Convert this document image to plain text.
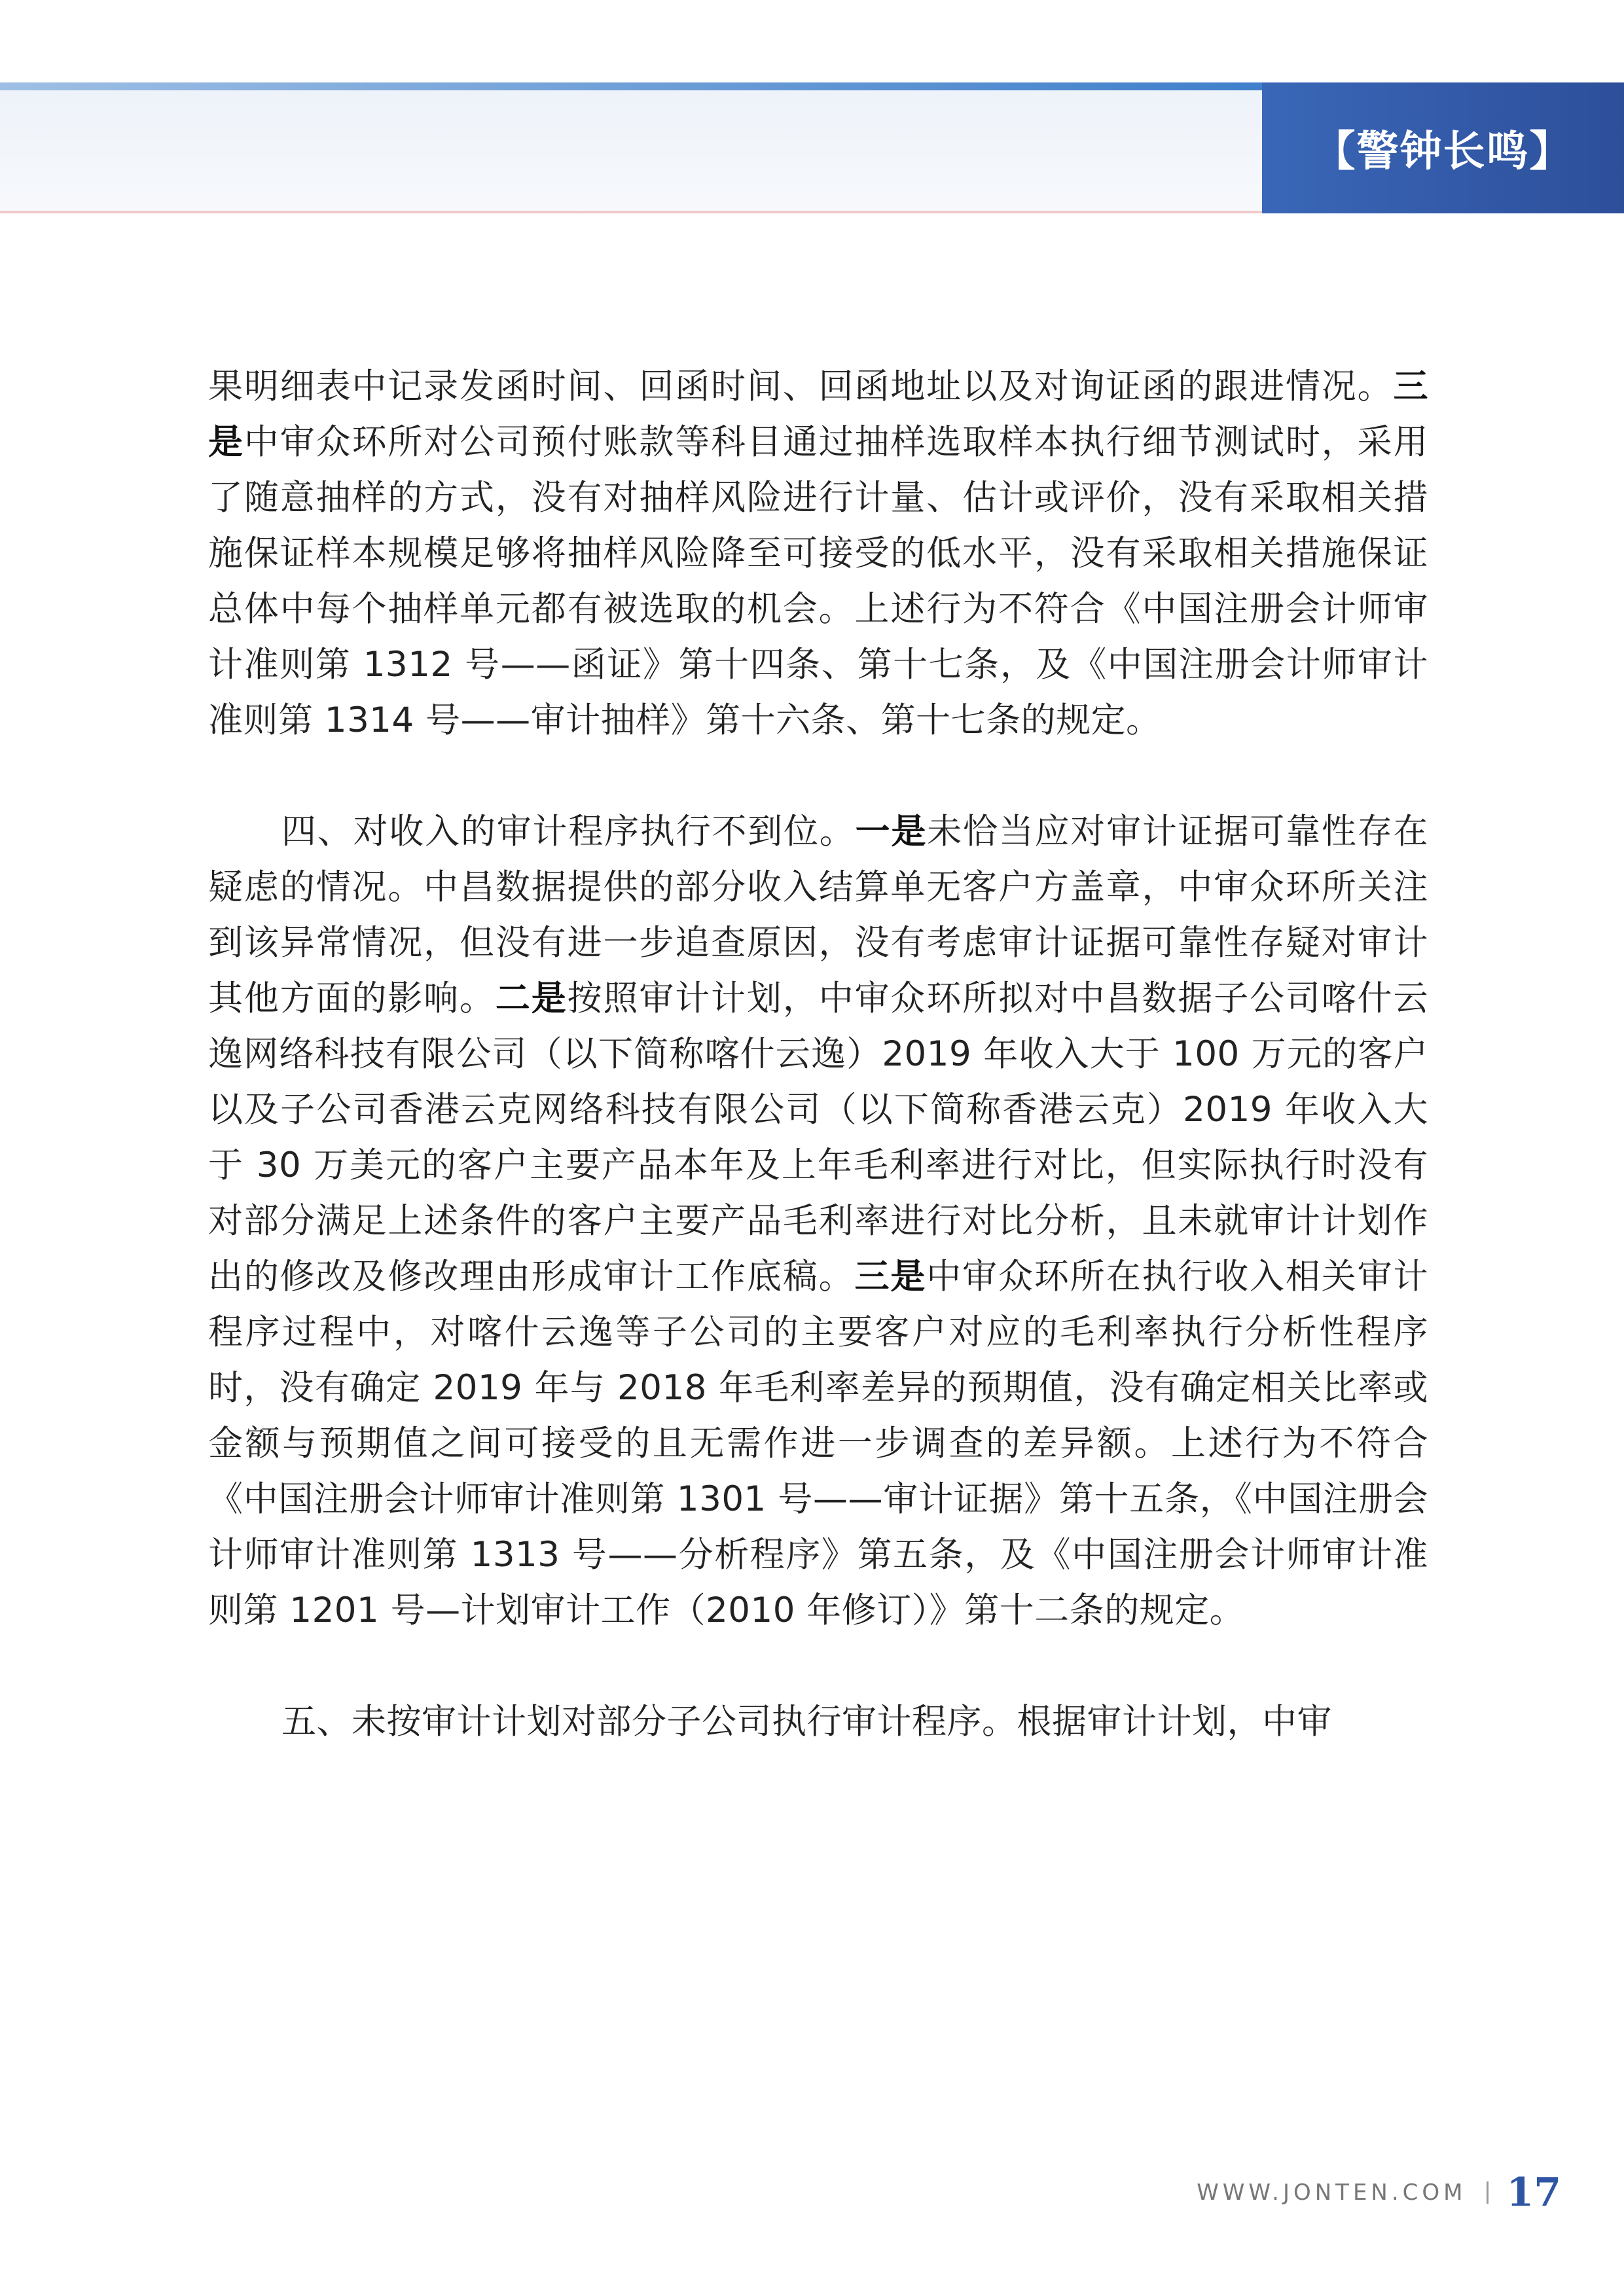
【警钟长鸣】

果明细表中记录发函时间、回函时间、回函地址以及对询证函的跟进情况。三是中审众环所对公司预付账款等科目通过抽样选取样本执行细节测试时，采用了随意抽样的方式，没有对抽样风险进行计量、估计或评价，没有采取相关措施保证样本规模足够将抽样风险降至可接受的低水平，没有采取相关措施保证总体中每个抽样单元都有被选取的机会。上述行为不符合《中国注册会计师审计准则第 1312 号——函证》第十四条、第十七条，及《中国注册会计师审计准则第 1314 号——审计抽样》第十六条、第十七条的规定。

四、对收入的审计程序执行不到位。一是未恰当应对审计证据可靠性存在疑虑的情况。中昌数据提供的部分收入结算单无客户方盖章，中审众环所关注到该异常情况，但没有进一步追查原因，没有考虑审计证据可靠性存疑对审计其他方面的影响。二是按照审计计划，中审众环所拟对中昌数据子公司喀什云逸网络科技有限公司（以下简称喀什云逸）2019 年收入大于 100 万元的客户以及子公司香港云克网络科技有限公司（以下简称香港云克）2019 年收入大于 30 万美元的客户主要产品本年及上年毛利率进行对比，但实际执行时没有对部分满足上述条件的客户主要产品毛利率进行对比分析，且未就审计计划作出的修改及修改理由形成审计工作底稿。三是中审众环所在执行收入相关审计程序过程中，对喀什云逸等子公司的主要客户对应的毛利率执行分析性程序时，没有确定 2019 年与 2018 年毛利率差异的预期值，没有确定相关比率或金额与预期值之间可接受的且无需作进一步调查的差异额。上述行为不符合《中国注册会计师审计准则第 1301 号——审计证据》第十五条，《中国注册会计师审计准则第 1313 号——分析程序》第五条，及《中国注册会计师审计准则第 1201 号—计划审计工作（2010 年修订）》第十二条的规定。

五、未按审计计划对部分子公司执行审计程序。根据审计计划，中审

WWW.JONTEN.COM 17
